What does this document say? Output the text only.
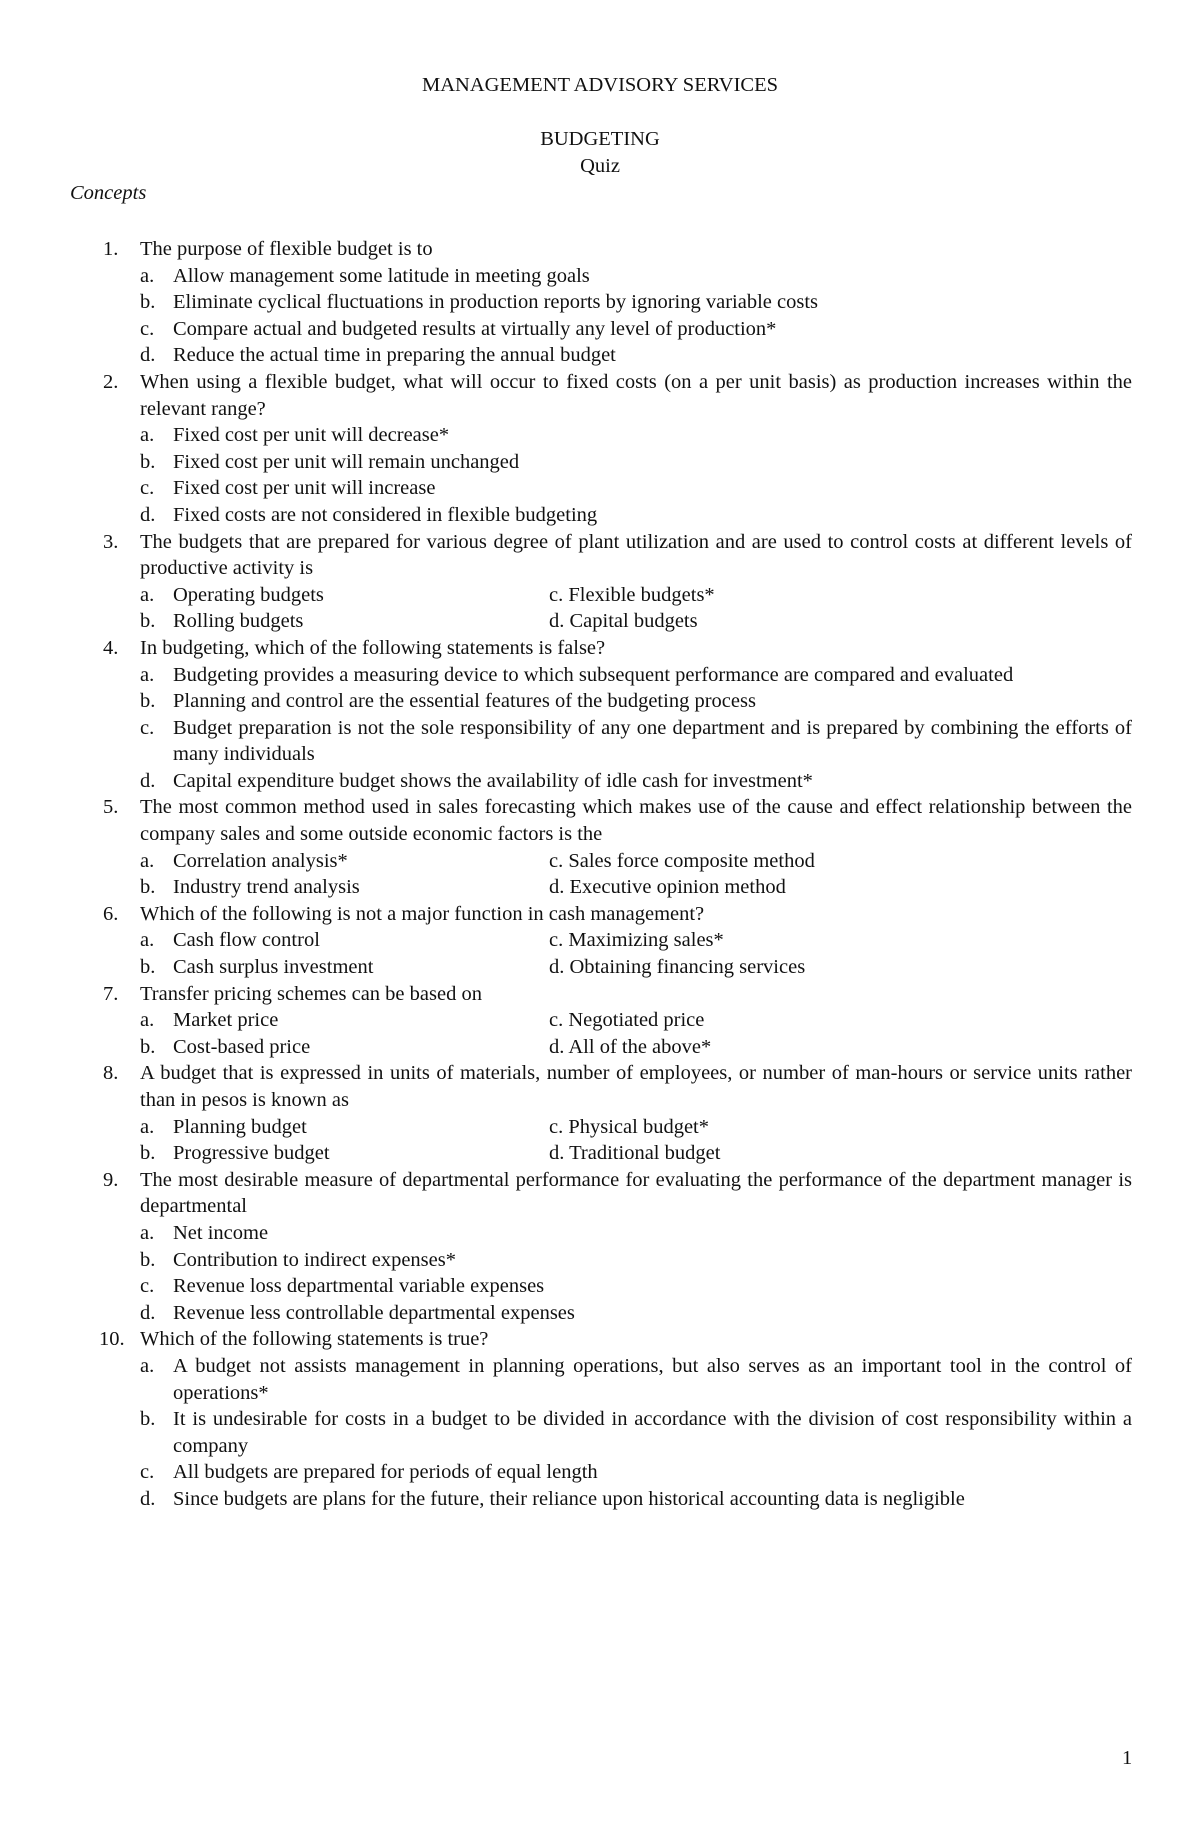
MANAGEMENT ADVISORY SERVICES
BUDGETING
Quiz
Concepts
1.	The purpose of flexible budget is to
a. Allow management some latitude in meeting goals
b. Eliminate cyclical fluctuations in production reports by ignoring variable costs
c. Compare actual and budgeted results at virtually any level of production*
d. Reduce the actual time in preparing the annual budget
2.	When using a flexible budget, what will occur to fixed costs (on a per unit basis) as production increases within the relevant range?
a. Fixed cost per unit will decrease*
b. Fixed cost per unit will remain unchanged
c. Fixed cost per unit will increase
d. Fixed costs are not considered in flexible budgeting
3.	The budgets that are prepared for various degree of plant utilization and are used to control costs at different levels of productive activity is
a. Operating budgets	c. Flexible budgets*
b. Rolling budgets	d. Capital budgets
4.	In budgeting, which of the following statements is false?
a. Budgeting provides a measuring device to which subsequent performance are compared and evaluated
b. Planning and control are the essential features of the budgeting process
c. Budget preparation is not the sole responsibility of any one department and is prepared by combining the efforts of many individuals
d. Capital expenditure budget shows the availability of idle cash for investment*
5.	The most common method used in sales forecasting which makes use of the cause and effect relationship between the company sales and some outside economic factors is the
a. Correlation analysis*	c. Sales force composite method
b. Industry trend analysis	d. Executive opinion method
6.	Which of the following is not a major function in cash management?
a. Cash flow control	c. Maximizing sales*
b. Cash surplus investment	d. Obtaining financing services
7.	Transfer pricing schemes can be based on
a. Market price	c. Negotiated price
b. Cost-based price	d. All of the above*
8.	A budget that is expressed in units of materials, number of employees, or number of man-hours or service units rather than in pesos is known as
a. Planning budget	c. Physical budget*
b. Progressive budget	d. Traditional budget
9.	The most desirable measure of departmental performance for evaluating the performance of the department manager is departmental
a. Net income
b. Contribution to indirect expenses*
c. Revenue loss departmental variable expenses
d. Revenue less controllable departmental expenses
10. Which of the following statements is true?
a. A budget not assists management in planning operations, but also serves as an important tool in the control of operations*
b. It is undesirable for costs in a budget to be divided in accordance with the division of cost responsibility within a company
c. All budgets are prepared for periods of equal length
d. Since budgets are plans for the future, their reliance upon historical accounting data is negligible
1
